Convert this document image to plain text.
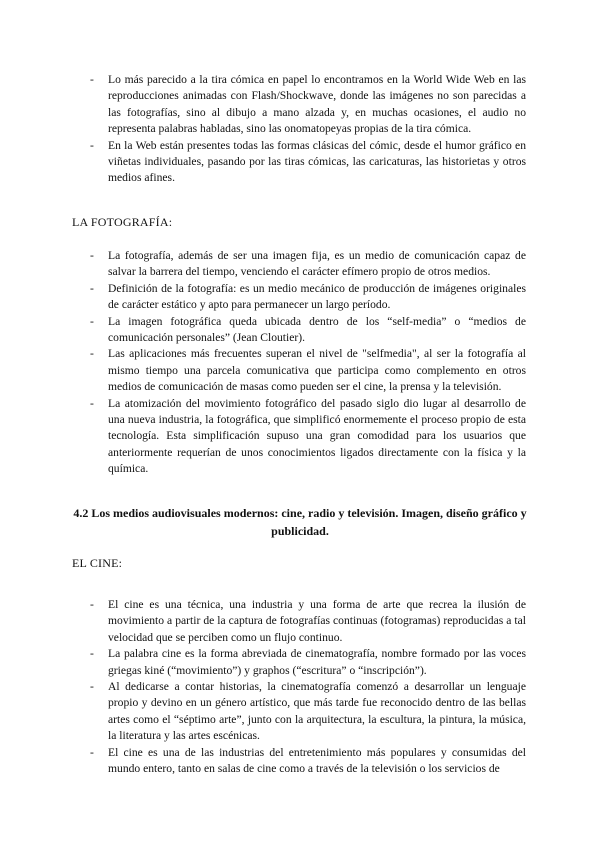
- Lo más parecido a la tira cómica en papel lo encontramos en la World Wide Web en las reproducciones animadas con Flash/Shockwave, donde las imágenes no son parecidas a las fotografías, sino al dibujo a mano alzada y, en muchas ocasiones, el audio no representa palabras habladas, sino las onomatopeyas propias de la tira cómica.
- En la Web están presentes todas las formas clásicas del cómic, desde el humor gráfico en viñetas individuales, pasando por las tiras cómicas, las caricaturas, las historietas y otros medios afines.
LA FOTOGRAFÍA:
- La fotografía, además de ser una imagen fija, es un medio de comunicación capaz de salvar la barrera del tiempo, venciendo el carácter efímero propio de otros medios.
- Definición de la fotografía: es un medio mecánico de producción de imágenes originales de carácter estático y apto para permanecer un largo período.
- La imagen fotográfica queda ubicada dentro de los “self-media” o “medios de comunicación personales” (Jean Cloutier).
- Las aplicaciones más frecuentes superan el nivel de "selfmedia", al ser la fotografía al mismo tiempo una parcela comunicativa que participa como complemento en otros medios de comunicación de masas como pueden ser el cine, la prensa y la televisión.
- La atomización del movimiento fotográfico del pasado siglo dio lugar al desarrollo de una nueva industria, la fotográfica, que simplificó enormemente el proceso propio de esta tecnología. Esta simplificación supuso una gran comodidad para los usuarios que anteriormente requerían de unos conocimientos ligados directamente con la física y la química.
4.2 Los medios audiovisuales modernos: cine, radio y televisión. Imagen, diseño gráfico y publicidad.
EL CINE:
- El cine es una técnica, una industria y una forma de arte que recrea la ilusión de movimiento a partir de la captura de fotografías continuas (fotogramas) reproducidas a tal velocidad que se perciben como un flujo continuo.
- La palabra cine es la forma abreviada de cinematografía, nombre formado por las voces griegas kiné (“movimiento”) y graphos (“escritura” o “inscripción”).
- Al dedicarse a contar historias, la cinematografía comenzó a desarrollar un lenguaje propio y devino en un género artístico, que más tarde fue reconocido dentro de las bellas artes como el “séptimo arte”, junto con la arquitectura, la escultura, la pintura, la música, la literatura y las artes escénicas.
- El cine es una de las industrias del entretenimiento más populares y consumidas del mundo entero, tanto en salas de cine como a través de la televisión o los servicios de
